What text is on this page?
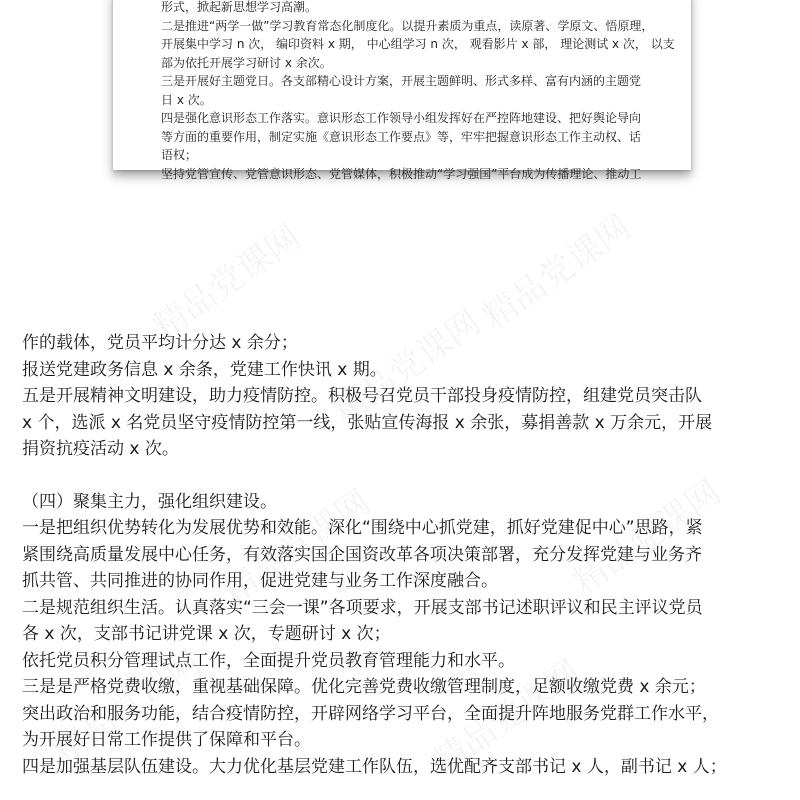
形式，掀起新思想学习高潮。
二是推进“两学一做”学习教育常态化制度化。以提升素质为重点，读原著、学原文、悟原理，
开展集中学习 n 次， 编印资料 x 期， 中心组学习 n 次， 观看影片 x 部， 理论测试 x 次， 以支
部为依托开展学习研讨 x 余次。
三是开展好主题党日。各支部精心设计方案，开展主题鲜明、形式多样、富有内涵的主题党
日 x 次。
四是强化意识形态工作落实。意识形态工作领导小组发挥好在严控阵地建设、把好舆论导向
等方面的重要作用，制定实施《意识形态工作要点》等，牢牢把握意识形态工作主动权、话
语权；
坚持党管宣传、党管意识形态、党管媒体，积极推动“学习强国”平台成为传播理论、推动工
作的载体，党员平均计分达 x 余分；
报送党建政务信息 x 余条，党建工作快讯 x 期。
五是开展精神文明建设，助力疫情防控。积极号召党员干部投身疫情防控，组建党员突击队
x 个，选派 x 名党员坚守疫情防控第一线，张贴宣传海报 x 余张，募捐善款 x 万余元，开展
捐资抗疫活动 x 次。
（四）聚集主力，强化组织建设。
一是把组织优势转化为发展优势和效能。深化“围绕中心抓党建，抓好党建促中心”思路，紧
紧围绕高质量发展中心任务，有效落实国企国资改革各项决策部署，充分发挥党建与业务齐
抓共管、共同推进的协同作用，促进党建与业务工作深度融合。
二是规范组织生活。认真落实“三会一课”各项要求，开展支部书记述职评议和民主评议党员
各 x 次，支部书记讲党课 x 次，专题研讨 x 次；
依托党员积分管理试点工作，全面提升党员教育管理能力和水平。
三是是严格党费收缴，重视基础保障。优化完善党费收缴管理制度，足额收缴党费 x 余元；
突出政治和服务功能，结合疫情防控，开辟网络学习平台，全面提升阵地服务党群工作水平，
为开展好日常工作提供了保障和平台。
四是加强基层队伍建设。大力优化基层党建工作队伍，选优配齐支部书记 x 人，副书记 x 人；
